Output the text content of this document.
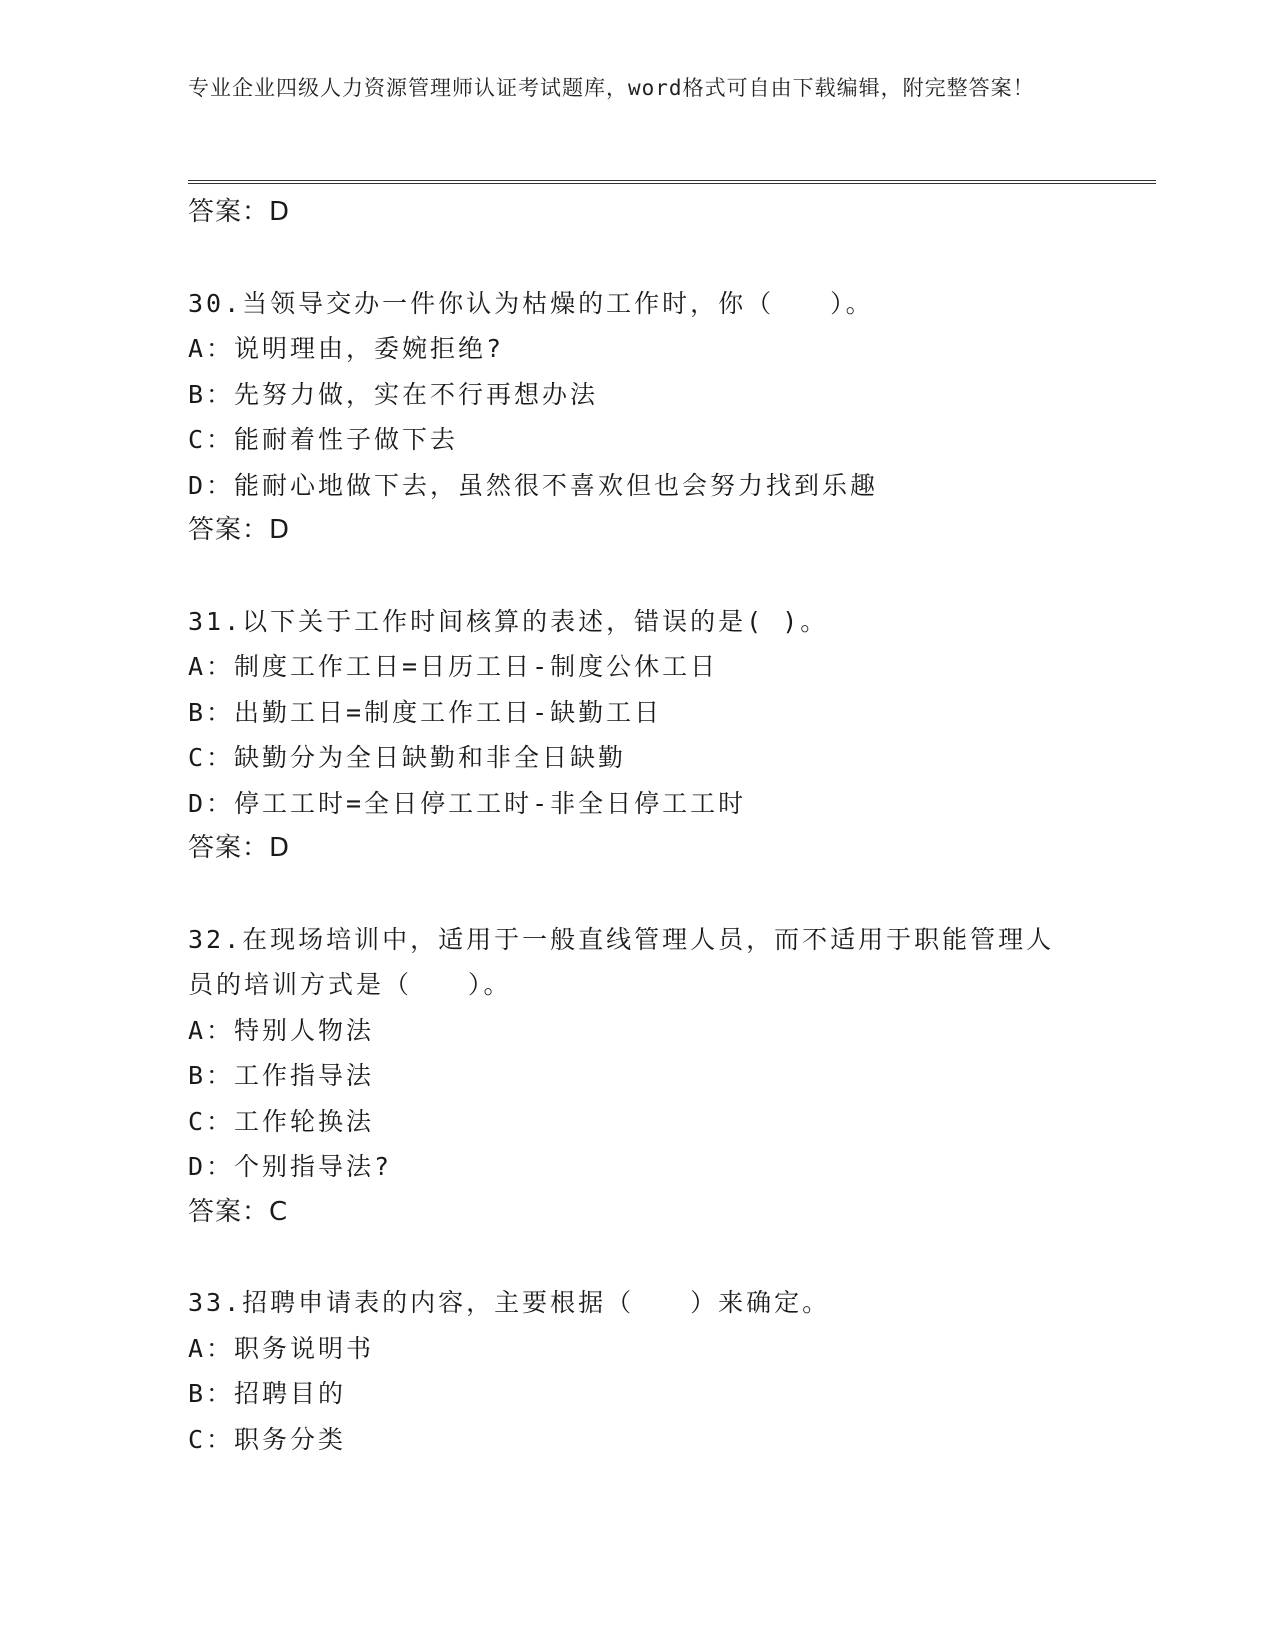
专业企业四级人力资源管理师认证考试题库，word格式可自由下载编辑，附完整答案！
答案：D
30.当领导交办一件你认为枯燥的工作时，你（　　）。
A：说明理由，委婉拒绝?
B：先努力做，实在不行再想办法
C：能耐着性子做下去
D：能耐心地做下去，虽然很不喜欢但也会努力找到乐趣
答案：D
31.以下关于工作时间核算的表述，错误的是( )。
A：制度工作工日=日历工日-制度公休工日
B：出勤工日=制度工作工日-缺勤工日
C：缺勤分为全日缺勤和非全日缺勤
D：停工工时=全日停工工时-非全日停工工时
答案：D
32.在现场培训中，适用于一般直线管理人员，而不适用于职能管理人员的培训方式是（　　）。
A：特别人物法
B：工作指导法
C：工作轮换法
D：个别指导法?
答案：C
33.招聘申请表的内容，主要根据（　　）来确定。
A：职务说明书
B：招聘目的
C：职务分类
